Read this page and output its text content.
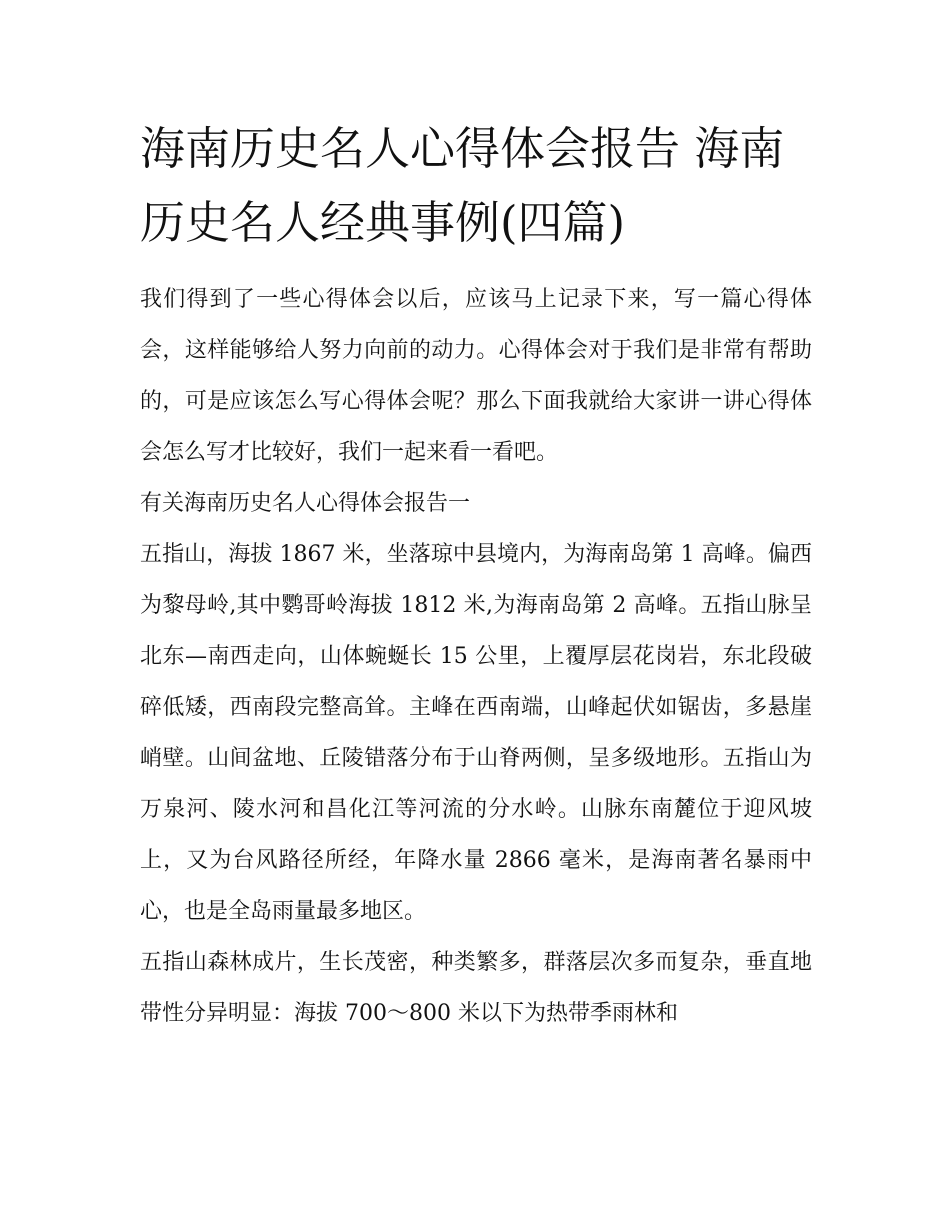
海南历史名人心得体会报告 海南历史名人经典事例(四篇)

我们得到了一些心得体会以后，应该马上记录下来，写一篇心得体会，这样能够给人努力向前的动力。心得体会对于我们是非常有帮助的，可是应该怎么写心得体会呢？那么下面我就给大家讲一讲心得体会怎么写才比较好，我们一起来看一看吧。

有关海南历史名人心得体会报告一

五指山，海拔 1867 米，坐落琼中县境内，为海南岛第 1 高峰。偏西为黎母岭,其中鹦哥岭海拔 1812 米,为海南岛第 2 高峰。五指山脉呈北东—南西走向，山体蜿蜒长 15 公里，上覆厚层花岗岩，东北段破碎低矮，西南段完整高耸。主峰在西南端，山峰起伏如锯齿，多悬崖峭壁。山间盆地、丘陵错落分布于山脊两侧，呈多级地形。五指山为万泉河、陵水河和昌化江等河流的分水岭。山脉东南麓位于迎风坡上，又为台风路径所经，年降水量 2866 毫米，是海南著名暴雨中心，也是全岛雨量最多地区。

五指山森林成片，生长茂密，种类繁多，群落层次多而复杂，垂直地带性分异明显：海拔 700～800 米以下为热带季雨林和
